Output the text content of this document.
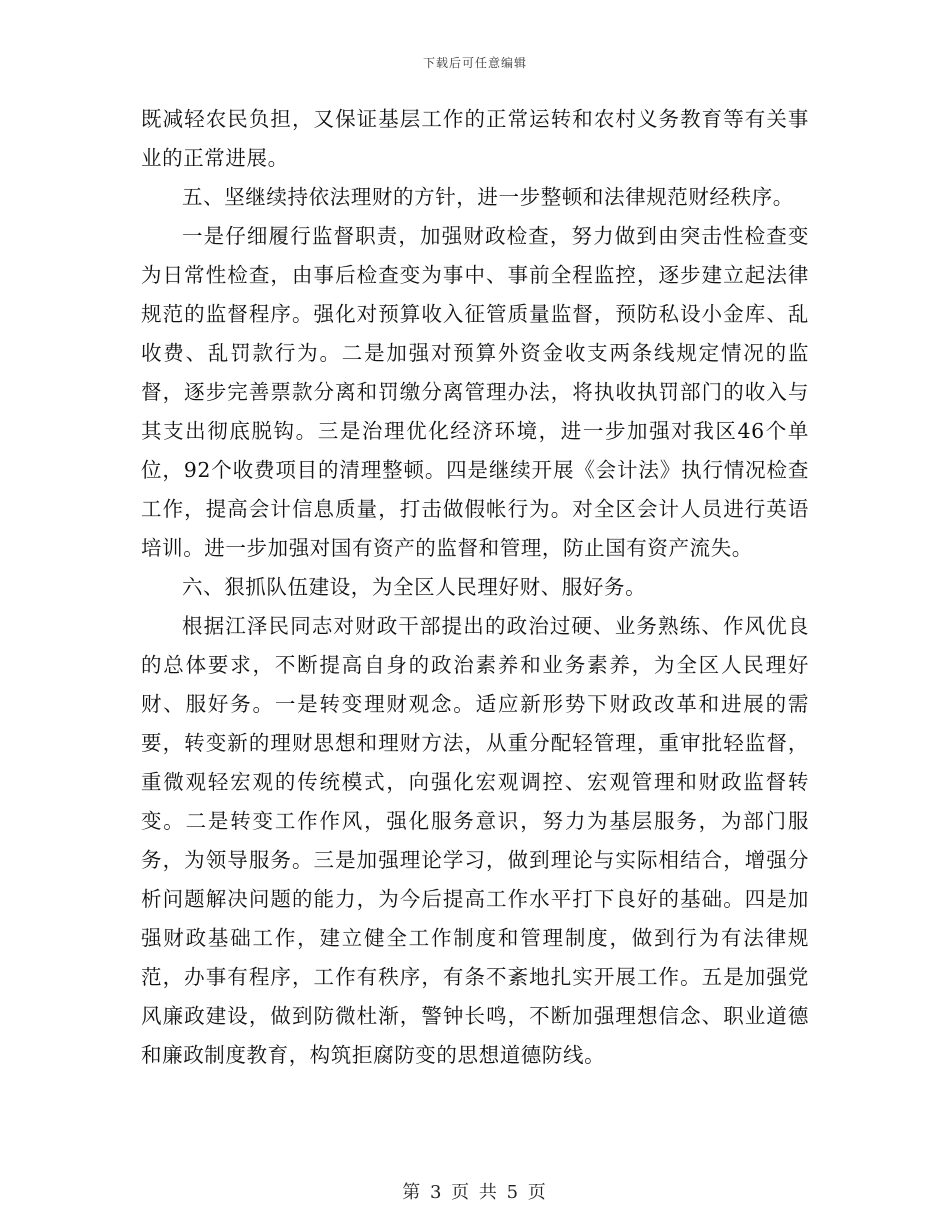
下载后可任意编辑

既减轻农民负担，又保证基层工作的正常运转和农村义务教育等有关事业的正常进展。

五、坚继续持依法理财的方针，进一步整顿和法律规范财经秩序。

一是仔细履行监督职责，加强财政检查，努力做到由突击性检查变为日常性检查，由事后检查变为事中、事前全程监控，逐步建立起法律规范的监督程序。强化对预算收入征管质量监督，预防私设小金库、乱收费、乱罚款行为。二是加强对预算外资金收支两条线规定情况的监督，逐步完善票款分离和罚缴分离管理办法，将执收执罚部门的收入与其支出彻底脱钩。三是治理优化经济环境，进一步加强对我区46个单位，92个收费项目的清理整顿。四是继续开展《会计法》执行情况检查工作，提高会计信息质量，打击做假帐行为。对全区会计人员进行英语培训。进一步加强对国有资产的监督和管理，防止国有资产流失。

六、狠抓队伍建设，为全区人民理好财、服好务。

根据江泽民同志对财政干部提出的政治过硬、业务熟练、作风优良的总体要求，不断提高自身的政治素养和业务素养，为全区人民理好财、服好务。一是转变理财观念。适应新形势下财政改革和进展的需要，转变新的理财思想和理财方法，从重分配轻管理，重审批轻监督，重微观轻宏观的传统模式，向强化宏观调控、宏观管理和财政监督转变。二是转变工作作风，强化服务意识，努力为基层服务，为部门服务，为领导服务。三是加强理论学习，做到理论与实际相结合，增强分析问题解决问题的能力，为今后提高工作水平打下良好的基础。四是加强财政基础工作，建立健全工作制度和管理制度，做到行为有法律规范，办事有程序，工作有秩序，有条不紊地扎实开展工作。五是加强党风廉政建设，做到防微杜渐，警钟长鸣，不断加强理想信念、职业道德和廉政制度教育，构筑拒腐防变的思想道德防线。

第 3 页 共 5 页
